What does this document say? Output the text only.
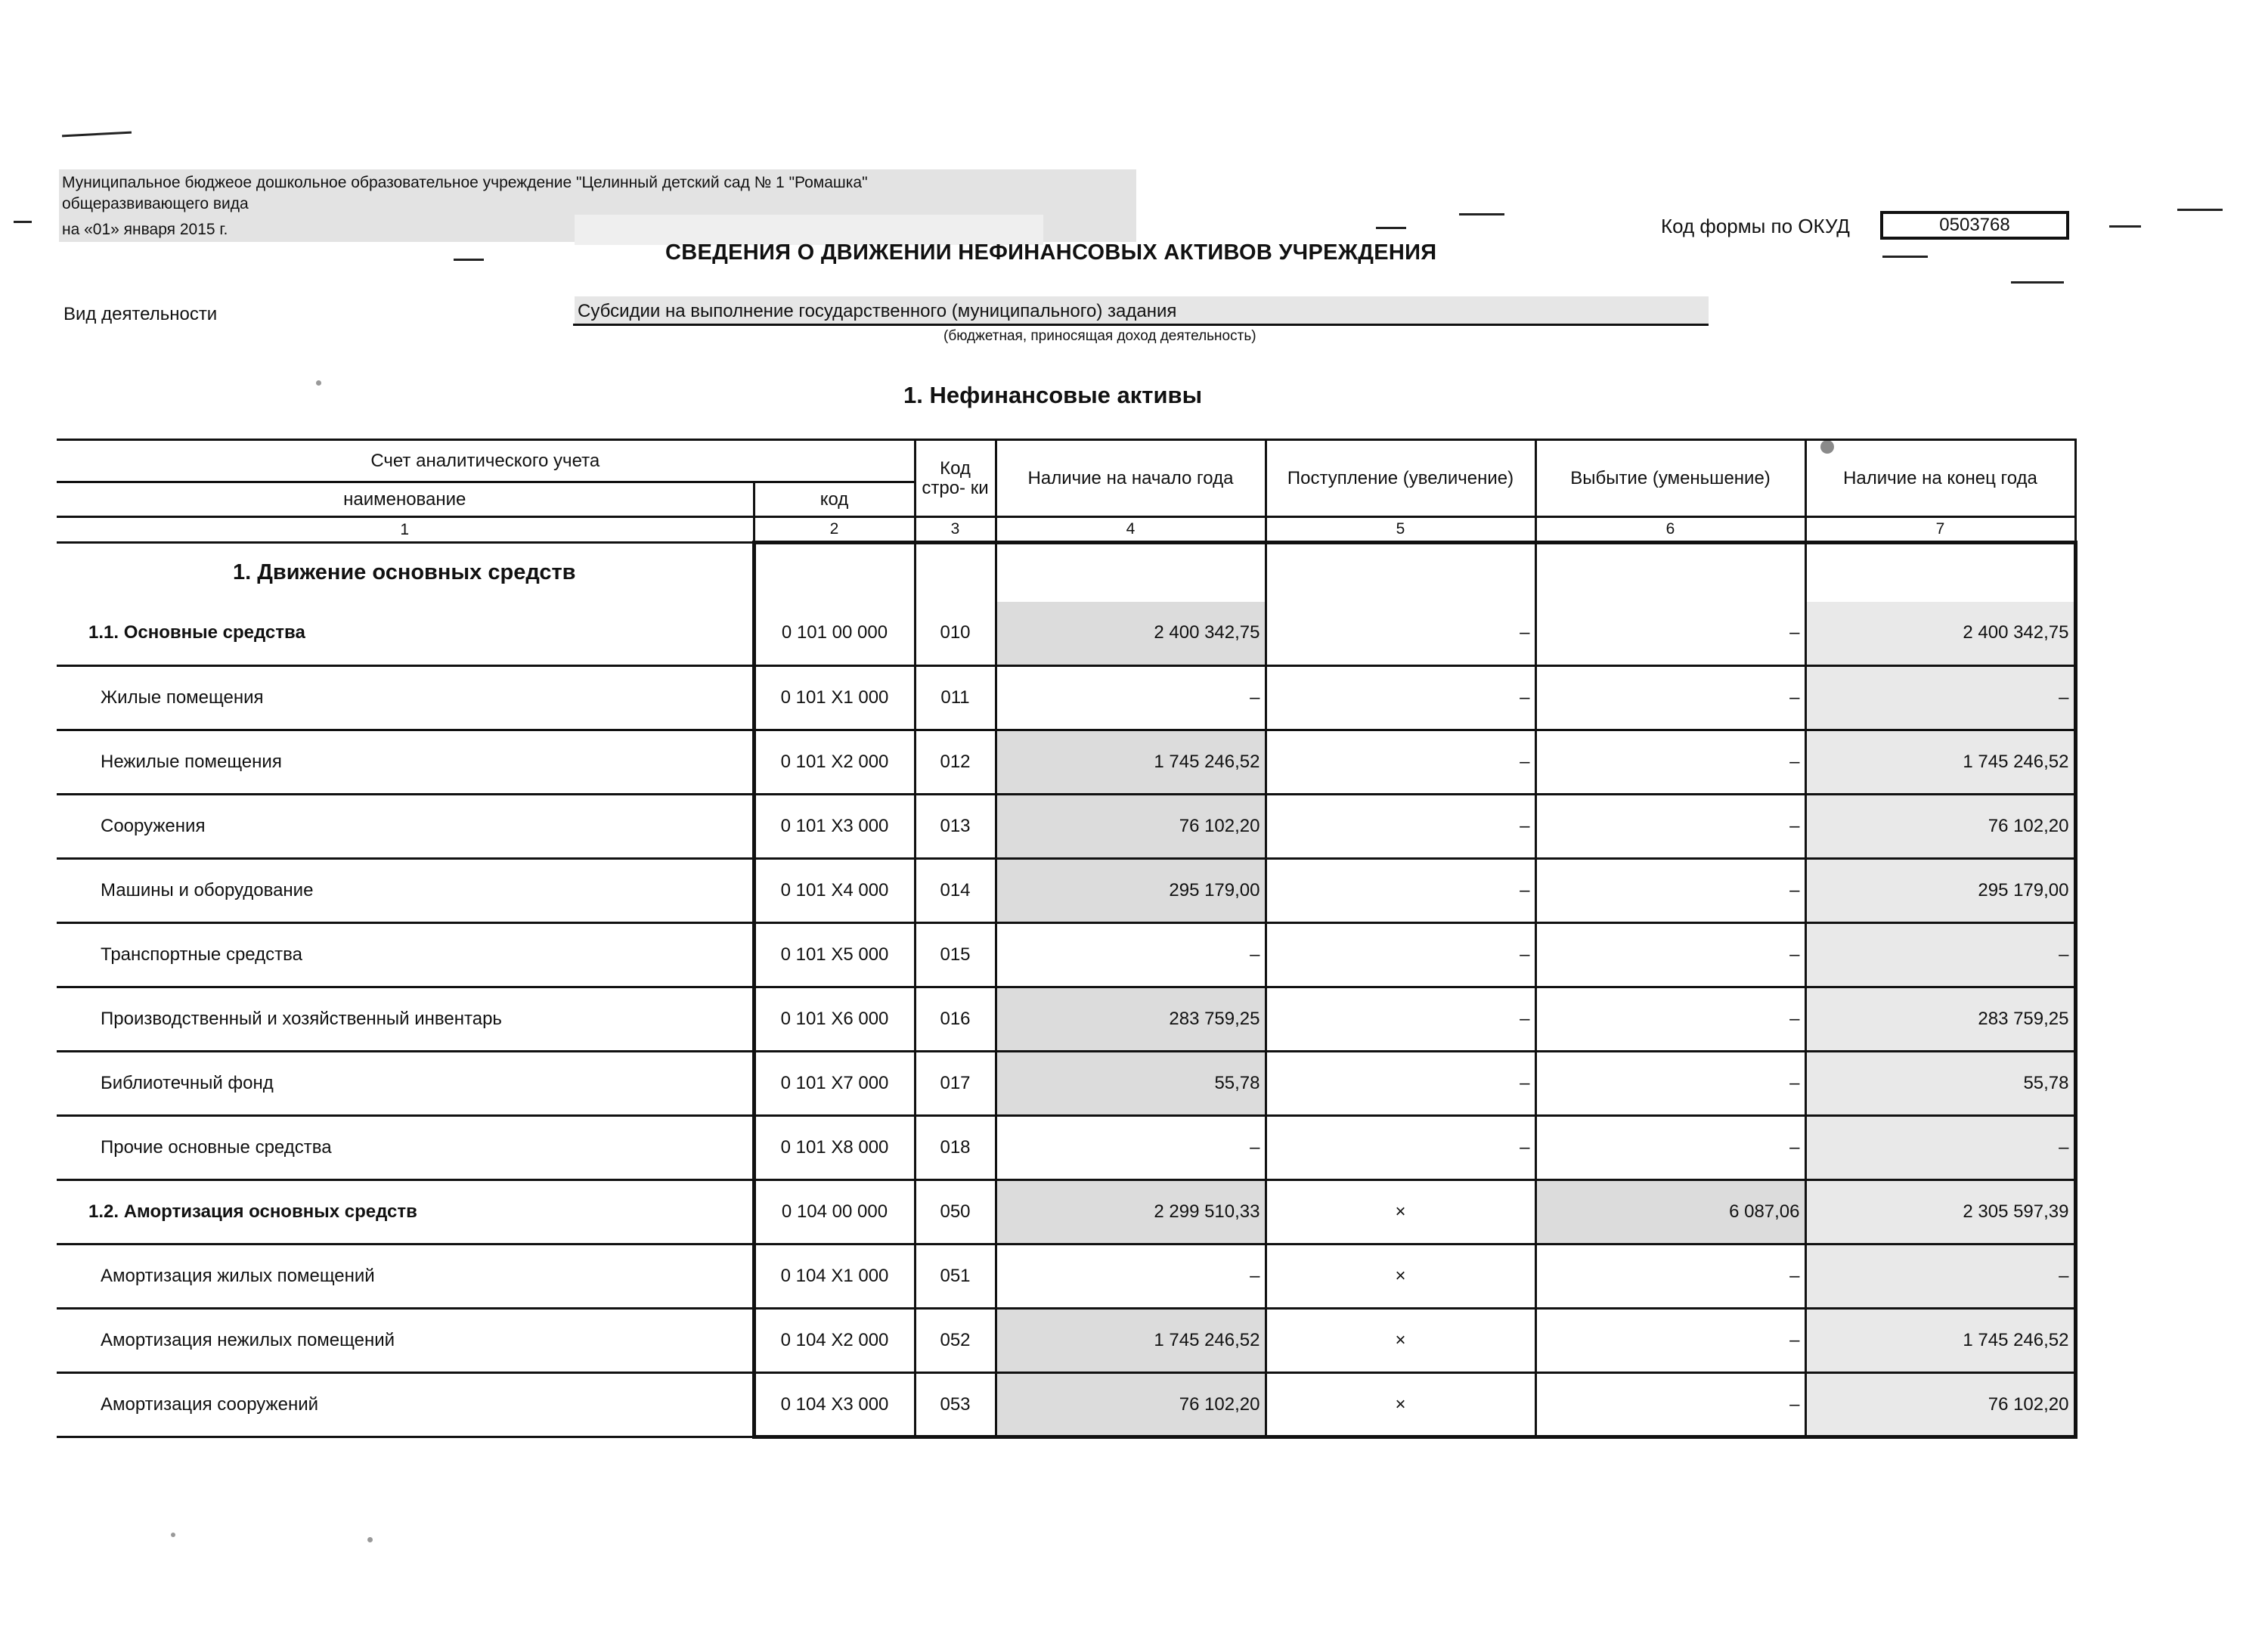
Муниципальное бюджеое дошкольное образовательное учреждение "Целинный детский сад № 1 "Ромашка"
общеразвивающего вида
на «01» января 2015 г.	Код формы по ОКУД	0503768
СВЕДЕНИЯ О ДВИЖЕНИИ НЕФИНАНСОВЫХ АКТИВОВ УЧРЕЖДЕНИЯ
Вид деятельности	Субсидии на выполнение государственного (муниципального) задания
(бюджетная, приносящая доход деятельность)
1. Нефинансовые активы
Счет аналитического учета		Код стро- ки	Наличие на начало года	Поступление (увеличение)	Выбытие (уменьшение)	Наличие на конец года
наименование	код					
1	2	3	4	5	6	7
1. Движение основных средств						
1.1. Основные средства	0 101 00 000	010	2 400 342,75	–	–	2 400 342,75
Жилые помещения	0 101 X1 000	011	–	–	–	–
Нежилые помещения	0 101 X2 000	012	1 745 246,52	–	–	1 745 246,52
Сооружения	0 101 X3 000	013	76 102,20	–	–	76 102,20
Машины и оборудование	0 101 X4 000	014	295 179,00	–	–	295 179,00
Транспортные средства	0 101 X5 000	015	–	–	–	–
Производственный и хозяйственный инвентарь	0 101 X6 000	016	283 759,25	–	–	283 759,25
Библиотечный фонд	0 101 X7 000	017	55,78	–	–	55,78
Прочие основные средства	0 101 X8 000	018	–	–	–	–
1.2. Амортизация основных средств	0 104 00 000	050	2 299 510,33	×	6 087,06	2 305 597,39
Амортизация жилых помещений	0 104 X1 000	051	–	×	–	–
Амортизация нежилых помещений	0 104 X2 000	052	1 745 246,52	×	–	1 745 246,52
Амортизация сооружений	0 104 X3 000	053	76 102,20	×	–	76 102,20
